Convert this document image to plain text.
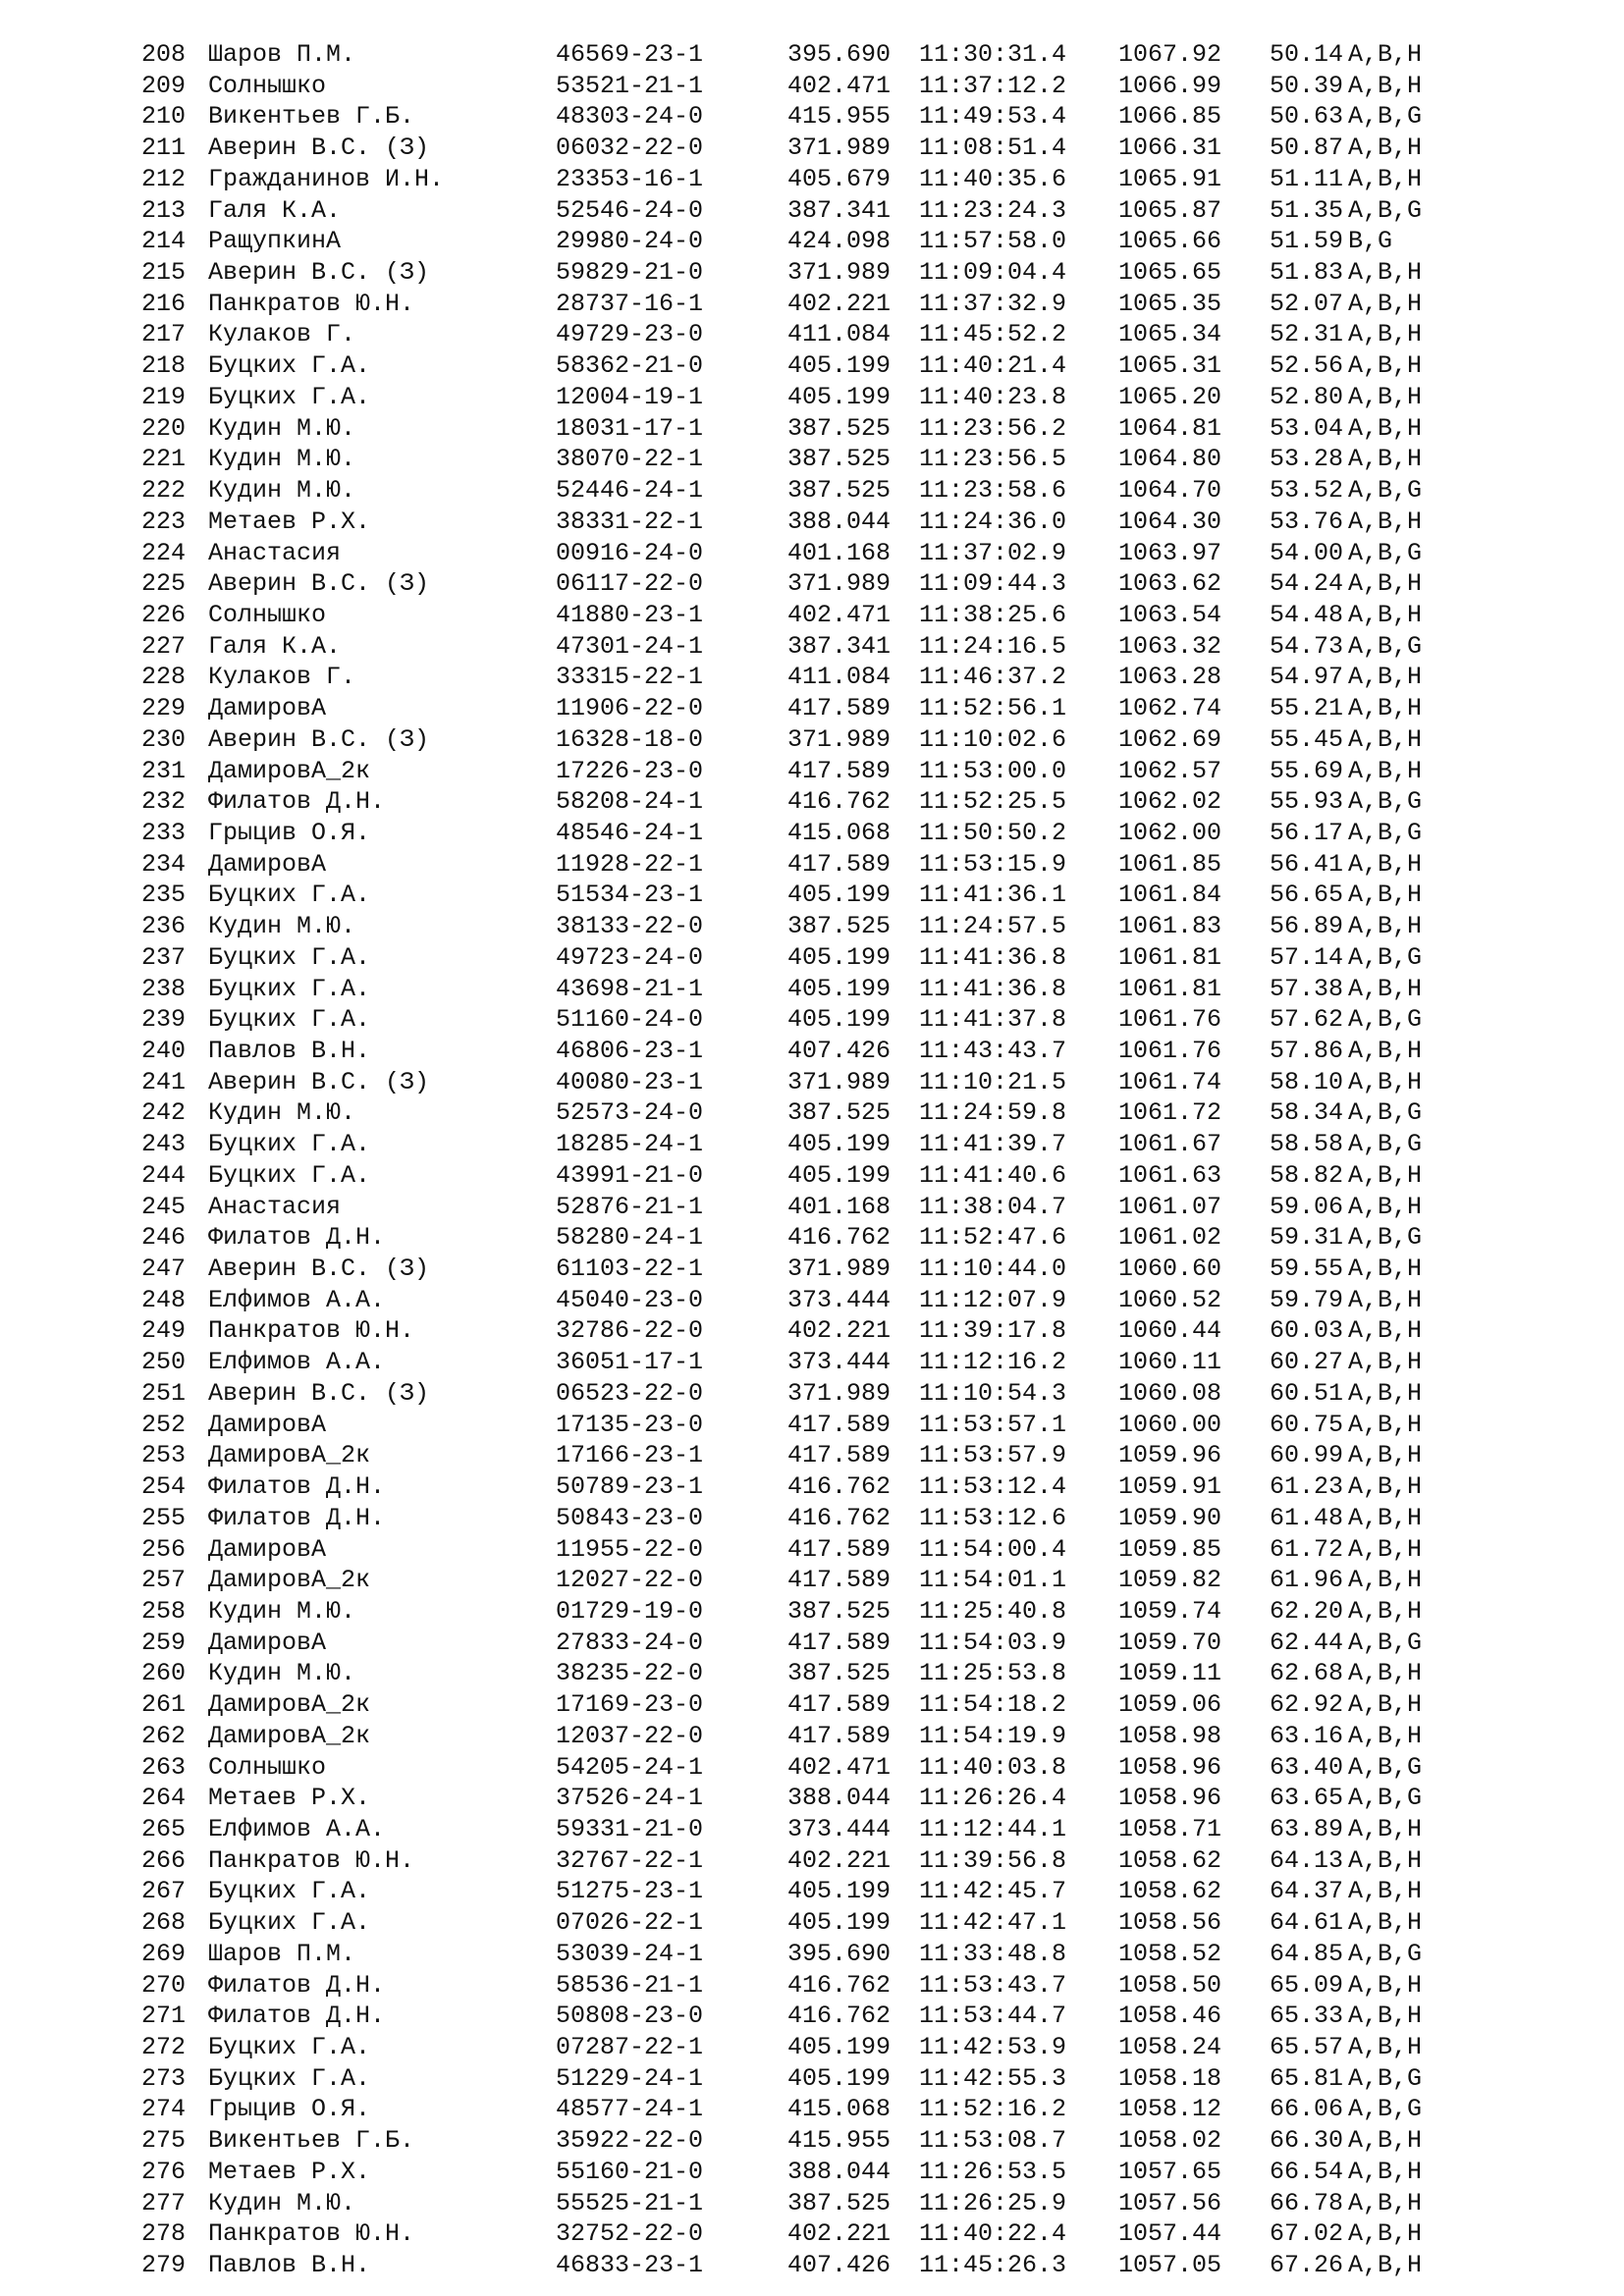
208 Шаров П.М.	46569-23-1	395.690 11:30:31.4 1067.92 50.14 A,B,H
209 Солнышко	53521-21-1	402.471 11:37:12.2 1066.99 50.39 A,B,H
210 Викентьев Г.Б.	48303-24-0	415.955 11:49:53.4 1066.85 50.63 A,B,G
211 Аверин В.С. (З)	06032-22-0	371.989 11:08:51.4 1066.31 50.87 A,B,H
212 Гражданинов И.Н.	23353-16-1	405.679 11:40:35.6 1065.91 51.11 A,B,H
213 Галя К.А.	52546-24-0	387.341 11:23:24.3 1065.87 51.35 A,B,G
214 РащупкинА	29980-24-0	424.098 11:57:58.0 1065.66 51.59 B,G
215 Аверин В.С. (З)	59829-21-0	371.989 11:09:04.4 1065.65 51.83 A,B,H
216 Панкратов Ю.Н.	28737-16-1	402.221 11:37:32.9 1065.35 52.07 A,B,H
217 Кулаков Г.	49729-23-0	411.084 11:45:52.2 1065.34 52.31 A,B,H
218 Буцких Г.А.	58362-21-0	405.199 11:40:21.4 1065.31 52.56 A,B,H
219 Буцких Г.А.	12004-19-1	405.199 11:40:23.8 1065.20 52.80 A,B,H
220 Кудин М.Ю.	18031-17-1	387.525 11:23:56.2 1064.81 53.04 A,B,H
221 Кудин М.Ю.	38070-22-1	387.525 11:23:56.5 1064.80 53.28 A,B,H
222 Кудин М.Ю.	52446-24-1	387.525 11:23:58.6 1064.70 53.52 A,B,G
223 Метаев Р.Х.	38331-22-1	388.044 11:24:36.0 1064.30 53.76 A,B,H
224 Анастасия	00916-24-0	401.168 11:37:02.9 1063.97 54.00 A,B,G
225 Аверин В.С. (З)	06117-22-0	371.989 11:09:44.3 1063.62 54.24 A,B,H
226 Солнышко	41880-23-1	402.471 11:38:25.6 1063.54 54.48 A,B,H
227 Галя К.А.	47301-24-1	387.341 11:24:16.5 1063.32 54.73 A,B,G
228 Кулаков Г.	33315-22-1	411.084 11:46:37.2 1063.28 54.97 A,B,H
229 ДамировА	11906-22-0	417.589 11:52:56.1 1062.74 55.21 A,B,H
230 Аверин В.С. (З)	16328-18-0	371.989 11:10:02.6 1062.69 55.45 A,B,H
231 ДамировА_2к	17226-23-0	417.589 11:53:00.0 1062.57 55.69 A,B,H
232 Филатов Д.Н.	58208-24-1	416.762 11:52:25.5 1062.02 55.93 A,B,G
233 Грыцив О.Я.	48546-24-1	415.068 11:50:50.2 1062.00 56.17 A,B,G
234 ДамировА	11928-22-1	417.589 11:53:15.9 1061.85 56.41 A,B,H
235 Буцких Г.А.	51534-23-1	405.199 11:41:36.1 1061.84 56.65 A,B,H
236 Кудин М.Ю.	38133-22-0	387.525 11:24:57.5 1061.83 56.89 A,B,H
237 Буцких Г.А.	49723-24-0	405.199 11:41:36.8 1061.81 57.14 A,B,G
238 Буцких Г.А.	43698-21-1	405.199 11:41:36.8 1061.81 57.38 A,B,H
239 Буцких Г.А.	51160-24-0	405.199 11:41:37.8 1061.76 57.62 A,B,G
240 Павлов В.Н.	46806-23-1	407.426 11:43:43.7 1061.76 57.86 A,B,H
241 Аверин В.С. (З)	40080-23-1	371.989 11:10:21.5 1061.74 58.10 A,B,H
242 Кудин М.Ю.	52573-24-0	387.525 11:24:59.8 1061.72 58.34 A,B,G
243 Буцких Г.А.	18285-24-1	405.199 11:41:39.7 1061.67 58.58 A,B,G
244 Буцких Г.А.	43991-21-0	405.199 11:41:40.6 1061.63 58.82 A,B,H
245 Анастасия	52876-21-1	401.168 11:38:04.7 1061.07 59.06 A,B,H
246 Филатов Д.Н.	58280-24-1	416.762 11:52:47.6 1061.02 59.31 A,B,G
247 Аверин В.С. (З)	61103-22-1	371.989 11:10:44.0 1060.60 59.55 A,B,H
248 Елфимов А.А.	45040-23-0	373.444 11:12:07.9 1060.52 59.79 A,B,H
249 Панкратов Ю.Н.	32786-22-0	402.221 11:39:17.8 1060.44 60.03 A,B,H
250 Елфимов А.А.	36051-17-1	373.444 11:12:16.2 1060.11 60.27 A,B,H
251 Аверин В.С. (З)	06523-22-0	371.989 11:10:54.3 1060.08 60.51 A,B,H
252 ДамировА	17135-23-0	417.589 11:53:57.1 1060.00 60.75 A,B,H
253 ДамировА_2к	17166-23-1	417.589 11:53:57.9 1059.96 60.99 A,B,H
254 Филатов Д.Н.	50789-23-1	416.762 11:53:12.4 1059.91 61.23 A,B,H
255 Филатов Д.Н.	50843-23-0	416.762 11:53:12.6 1059.90 61.48 A,B,H
256 ДамировА	11955-22-0	417.589 11:54:00.4 1059.85 61.72 A,B,H
257 ДамировА_2к	12027-22-0	417.589 11:54:01.1 1059.82 61.96 A,B,H
258 Кудин М.Ю.	01729-19-0	387.525 11:25:40.8 1059.74 62.20 A,B,H
259 ДамировА	27833-24-0	417.589 11:54:03.9 1059.70 62.44 A,B,G
260 Кудин М.Ю.	38235-22-0	387.525 11:25:53.8 1059.11 62.68 A,B,H
261 ДамировА_2к	17169-23-0	417.589 11:54:18.2 1059.06 62.92 A,B,H
262 ДамировА_2к	12037-22-0	417.589 11:54:19.9 1058.98 63.16 A,B,H
263 Солнышко	54205-24-1	402.471 11:40:03.8 1058.96 63.40 A,B,G
264 Метаев Р.Х.	37526-24-1	388.044 11:26:26.4 1058.96 63.65 A,B,G
265 Елфимов А.А.	59331-21-0	373.444 11:12:44.1 1058.71 63.89 A,B,H
266 Панкратов Ю.Н.	32767-22-1	402.221 11:39:56.8 1058.62 64.13 A,B,H
267 Буцких Г.А.	51275-23-1	405.199 11:42:45.7 1058.62 64.37 A,B,H
268 Буцких Г.А.	07026-22-1	405.199 11:42:47.1 1058.56 64.61 A,B,H
269 Шаров П.М.	53039-24-1	395.690 11:33:48.8 1058.52 64.85 A,B,G
270 Филатов Д.Н.	58536-21-1	416.762 11:53:43.7 1058.50 65.09 A,B,H
271 Филатов Д.Н.	50808-23-0	416.762 11:53:44.7 1058.46 65.33 A,B,H
272 Буцких Г.А.	07287-22-1	405.199 11:42:53.9 1058.24 65.57 A,B,H
273 Буцких Г.А.	51229-24-1	405.199 11:42:55.3 1058.18 65.81 A,B,G
274 Грыцив О.Я.	48577-24-1	415.068 11:52:16.2 1058.12 66.06 A,B,G
275 Викентьев Г.Б.	35922-22-0	415.955 11:53:08.7 1058.02 66.30 A,B,H
276 Метаев Р.Х.	55160-21-0	388.044 11:26:53.5 1057.65 66.54 A,B,H
277 Кудин М.Ю.	55525-21-1	387.525 11:26:25.9 1057.56 66.78 A,B,H
278 Панкратов Ю.Н.	32752-22-0	402.221 11:40:22.4 1057.44 67.02 A,B,H
279 Павлов В.Н.	46833-23-1	407.426 11:45:26.3 1057.05 67.26 A,B,H
